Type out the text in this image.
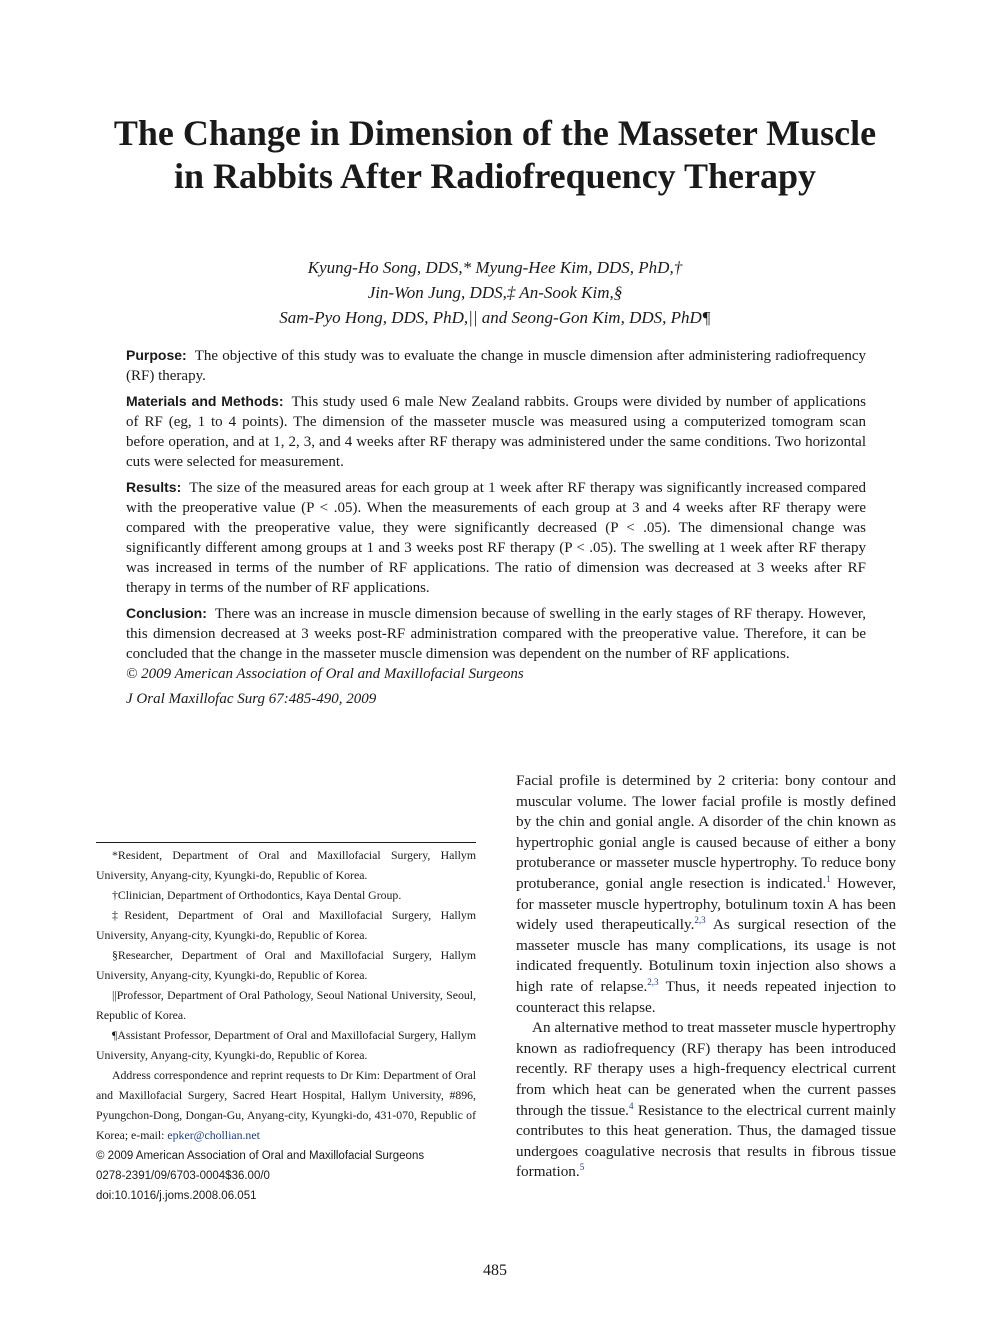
The Change in Dimension of the Masseter Muscle in Rabbits After Radiofrequency Therapy
Kyung-Ho Song, DDS,* Myung-Hee Kim, DDS, PhD,†
Jin-Won Jung, DDS,‡ An-Sook Kim,§
Sam-Pyo Hong, DDS, PhD,|| and Seong-Gon Kim, DDS, PhD¶

Purpose: The objective of this study was to evaluate the change in muscle dimension after administering radiofrequency (RF) therapy.

Materials and Methods: This study used 6 male New Zealand rabbits. Groups were divided by number of applications of RF (eg, 1 to 4 points). The dimension of the masseter muscle was measured using a computerized tomogram scan before operation, and at 1, 2, 3, and 4 weeks after RF therapy was administered under the same conditions. Two horizontal cuts were selected for measurement.

Results: The size of the measured areas for each group at 1 week after RF therapy was significantly increased compared with the preoperative value (P < .05). When the measurements of each group at 3 and 4 weeks after RF therapy were compared with the preoperative value, they were significantly decreased (P < .05). The dimensional change was significantly different among groups at 1 and 3 weeks post RF therapy (P < .05). The swelling at 1 week after RF therapy was increased in terms of the number of RF applications. The ratio of dimension was decreased at 3 weeks after RF therapy in terms of the number of RF applications.

Conclusion: There was an increase in muscle dimension because of swelling in the early stages of RF therapy. However, this dimension decreased at 3 weeks post-RF administration compared with the preoperative value. Therefore, it can be concluded that the change in the masseter muscle dimension was dependent on the number of RF applications.

© 2009 American Association of Oral and Maxillofacial Surgeons

J Oral Maxillofac Surg 67:485-490, 2009

*Resident, Department of Oral and Maxillofacial Surgery, Hallym University, Anyang-city, Kyungki-do, Republic of Korea.

†Clinician, Department of Orthodontics, Kaya Dental Group.

‡Resident, Department of Oral and Maxillofacial Surgery, Hallym University, Anyang-city, Kyungki-do, Republic of Korea.

§Researcher, Department of Oral and Maxillofacial Surgery, Hallym University, Anyang-city, Kyungki-do, Republic of Korea.

||Professor, Department of Oral Pathology, Seoul National University, Seoul, Republic of Korea.

¶Assistant Professor, Department of Oral and Maxillofacial Surgery, Hallym University, Anyang-city, Kyungki-do, Republic of Korea.

Address correspondence and reprint requests to Dr Kim: Department of Oral and Maxillofacial Surgery, Sacred Heart Hospital, Hallym University, #896, Pyungchon-Dong, Dongan-Gu, Anyang-city, Kyungki-do, 431-070, Republic of Korea; e-mail: epker@chollian.net

© 2009 American Association of Oral and Maxillofacial Surgeons
0278-2391/09/6703-0004$36.00/0
doi:10.1016/j.joms.2008.06.051

Facial profile is determined by 2 criteria: bony contour and muscular volume. The lower facial profile is mostly defined by the chin and gonial angle. A disorder of the chin known as hypertrophic gonial angle is caused because of either a bony protuberance or masseter muscle hypertrophy. To reduce bony protuberance, gonial angle resection is indicated.$^1$ However, for masseter muscle hypertrophy, botulinum toxin A has been widely used therapeutically.$^{2,3}$ As surgical resection of the masseter muscle has many complications, its usage is not indicated frequently. Botulinum toxin injection also shows a high rate of relapse.$^{2,3}$ Thus, it needs repeated injection to counteract this relapse.

An alternative method to treat masseter muscle hypertrophy known as radiofrequency (RF) therapy has been introduced recently. RF therapy uses a high-frequency electrical current from which heat can be generated when the current passes through the tissue.$^4$ Resistance to the electrical current mainly contributes to this heat generation. Thus, the damaged tissue undergoes coagulative necrosis that results in fibrous tissue formation.$^5$

485
